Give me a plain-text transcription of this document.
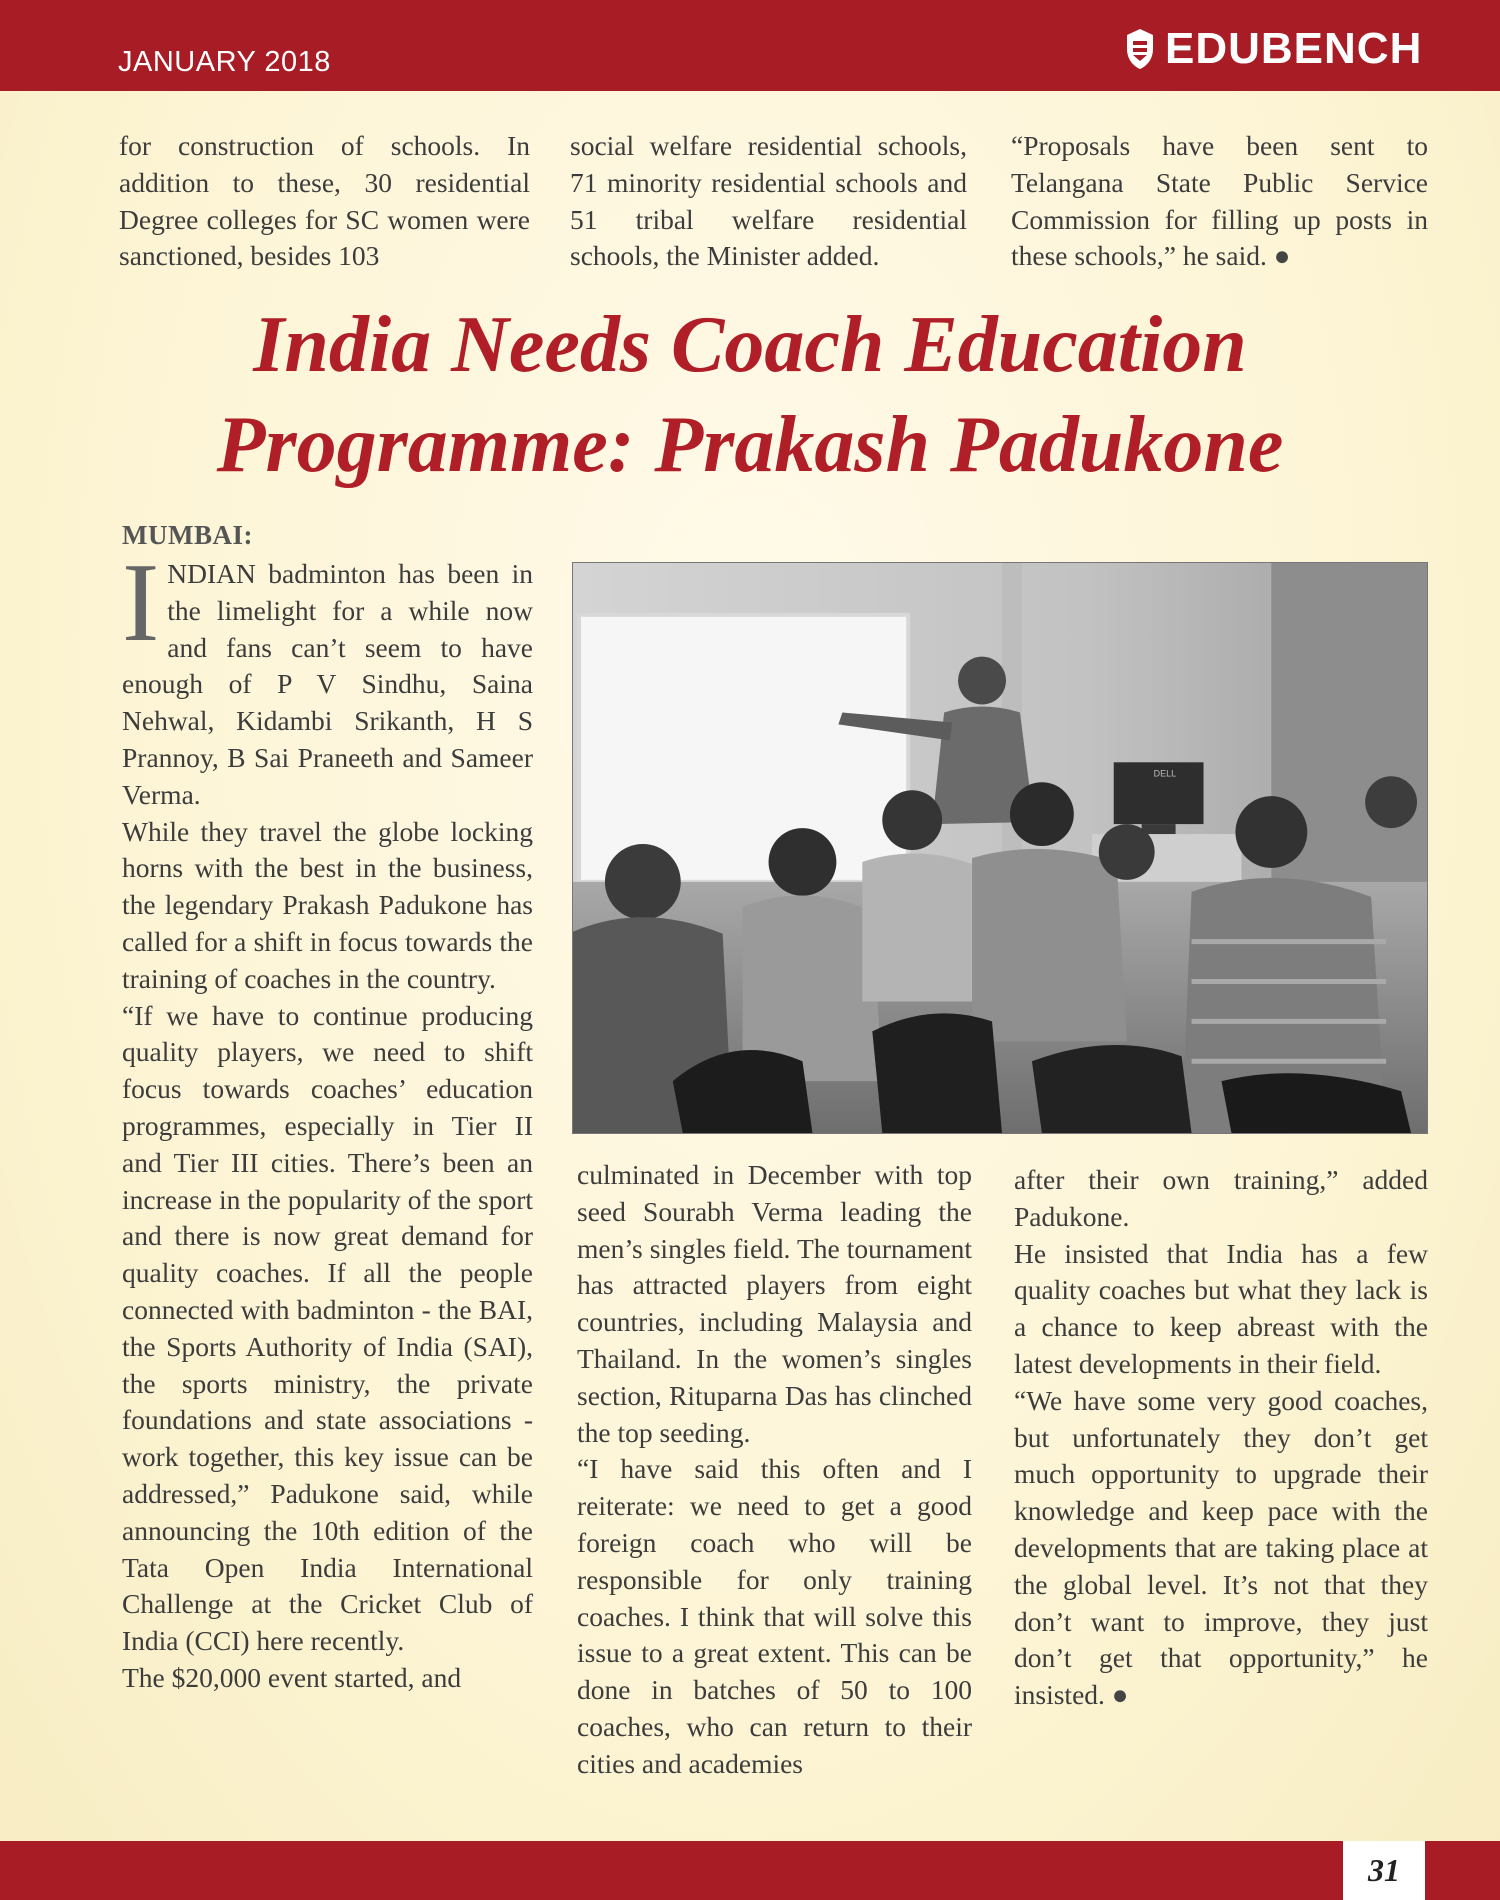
JANUARY 2018	EDUBENCH

for construction of schools. In addition to these, 30 residential Degree colleges for SC women were sanctioned, besides 103

social welfare residential schools, 71 minority residential schools and 51 tribal welfare residential schools, the Minister added.

“Proposals have been sent to Telangana State Public Service Commission for filling up posts in these schools,” he said. ●

India Needs Coach Education
Programme: Prakash Padukone
MUMBAI:

INDIAN badminton has been in the limelight for a while now and fans can’t seem to have enough of P V Sindhu, Saina Nehwal, Kidambi Srikanth, H S Prannoy, B Sai Praneeth and Sameer Verma.

While they travel the globe locking horns with the best in the business, the legendary Prakash Padukone has called for a shift in focus towards the training of coaches in the country.

“If we have to continue producing quality players, we need to shift focus towards coaches’ education programmes, especially in Tier II and Tier III cities. There’s been an increase in the popularity of the sport and there is now great demand for quality coaches. If all the people connected with badminton - the BAI, the Sports Authority of India (SAI), the sports ministry, the private foundations and state associations - work together, this key issue can be addressed,” Padukone said, while announcing the 10th edition of the Tata Open India International Challenge at the Cricket Club of India (CCI) here recently.

The $20,000 event started, and

DELL

culminated in December with top seed Sourabh Verma leading the men’s singles field. The tournament has attracted players from eight countries, including Malaysia and Thailand. In the women’s singles section, Rituparna Das has clinched the top seeding.

“I have said this often and I reiterate: we need to get a good foreign coach who will be responsible for only training coaches. I think that will solve this issue to a great extent. This can be done in batches of 50 to 100 coaches, who can return to their cities and academies

after their own training,” added Padukone.

He insisted that India has a few quality coaches but what they lack is a chance to keep abreast with the latest developments in their field.

“We have some very good coaches, but unfortunately they don’t get much opportunity to upgrade their knowledge and keep pace with the developments that are taking place at the global level. It’s not that they don’t want to improve, they just don’t get that opportunity,” he insisted. ●

31
